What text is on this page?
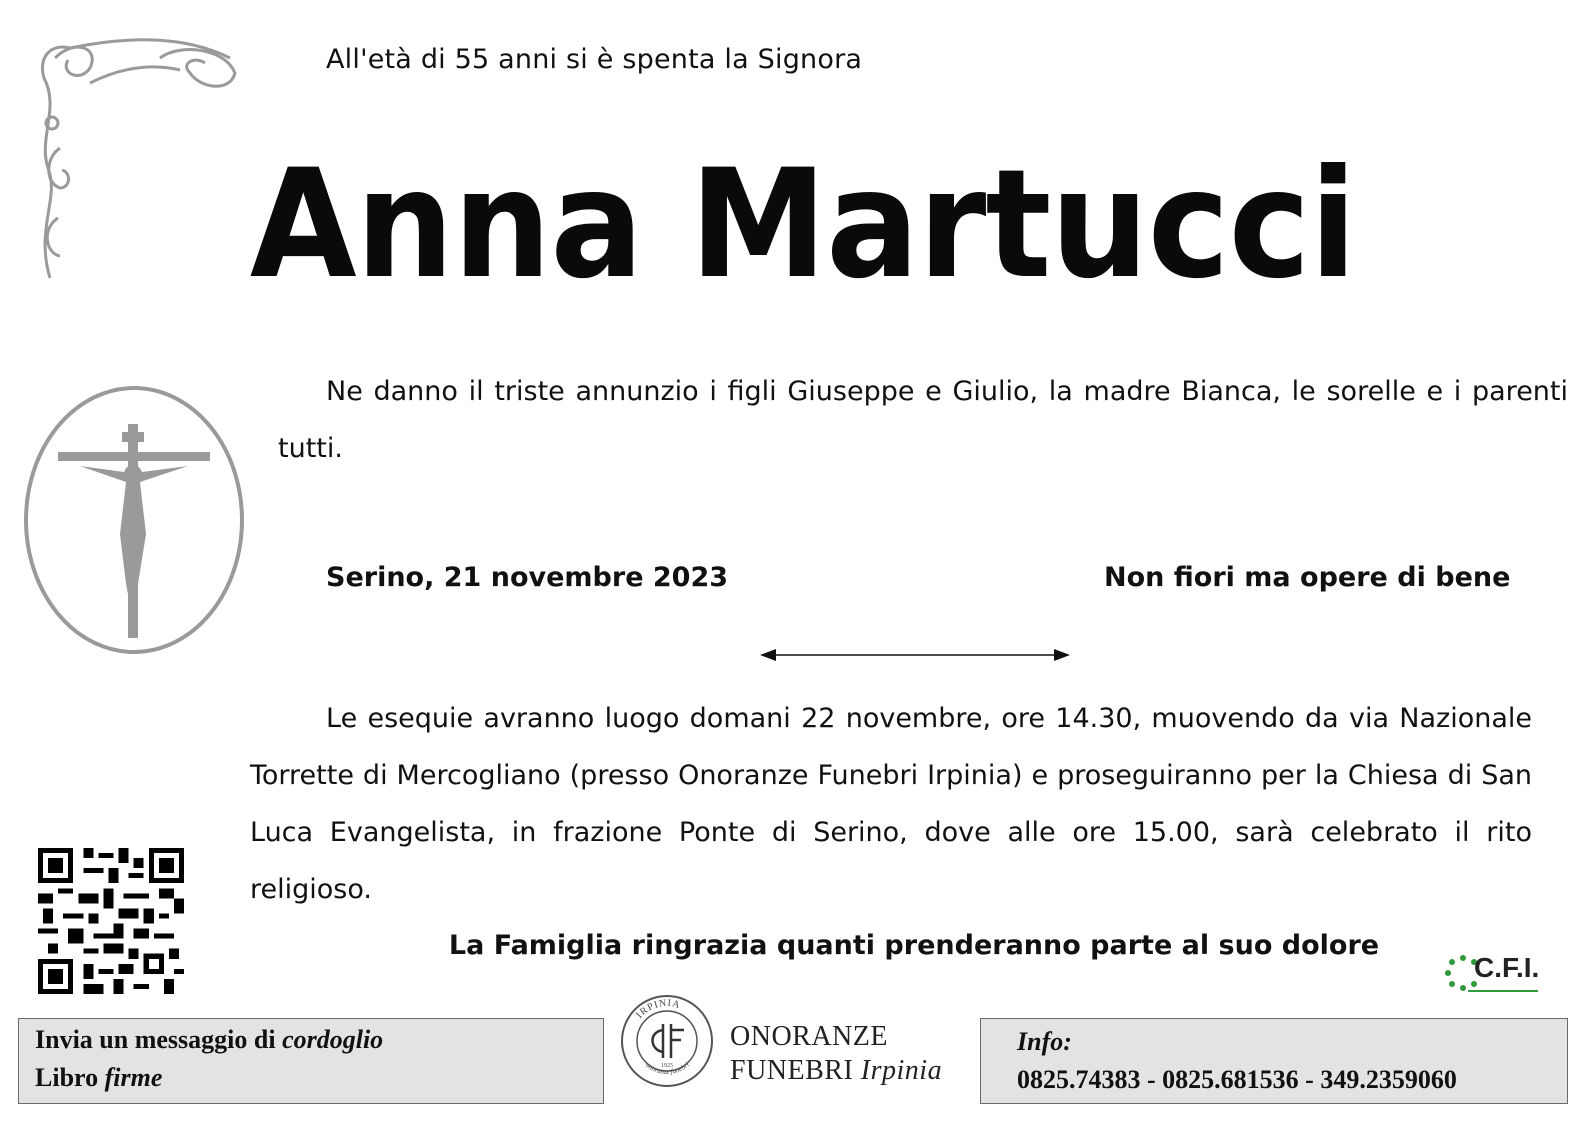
All'età di 55 anni si è spenta la Signora
Anna Martucci
Ne danno il triste annunzio i figli Giuseppe e Giulio, la madre Bianca, le sorelle e i parenti tutti.
Serino, 21 novembre 2023	Non fiori ma opere di bene
Le esequie avranno luogo domani 22 novembre, ore 14.30, muovendo da via Nazionale Torrette di Mercogliano (presso Onoranze Funebri Irpinia) e proseguiranno per la Chiesa di San Luca Evangelista, in frazione Ponte di Serino, dove alle ore 15.00, sarà celebrato il rito religioso.
La Famiglia ringrazia quanti prenderanno parte al suo dolore
C.F.I.
Invia un messaggio di cordoglio
Libro firme
IRPINIA
onoranze funebri
1925
ONORANZE
FUNEBRI Irpinia
Info:
0825.74383 - 0825.681536 - 349.2359060
